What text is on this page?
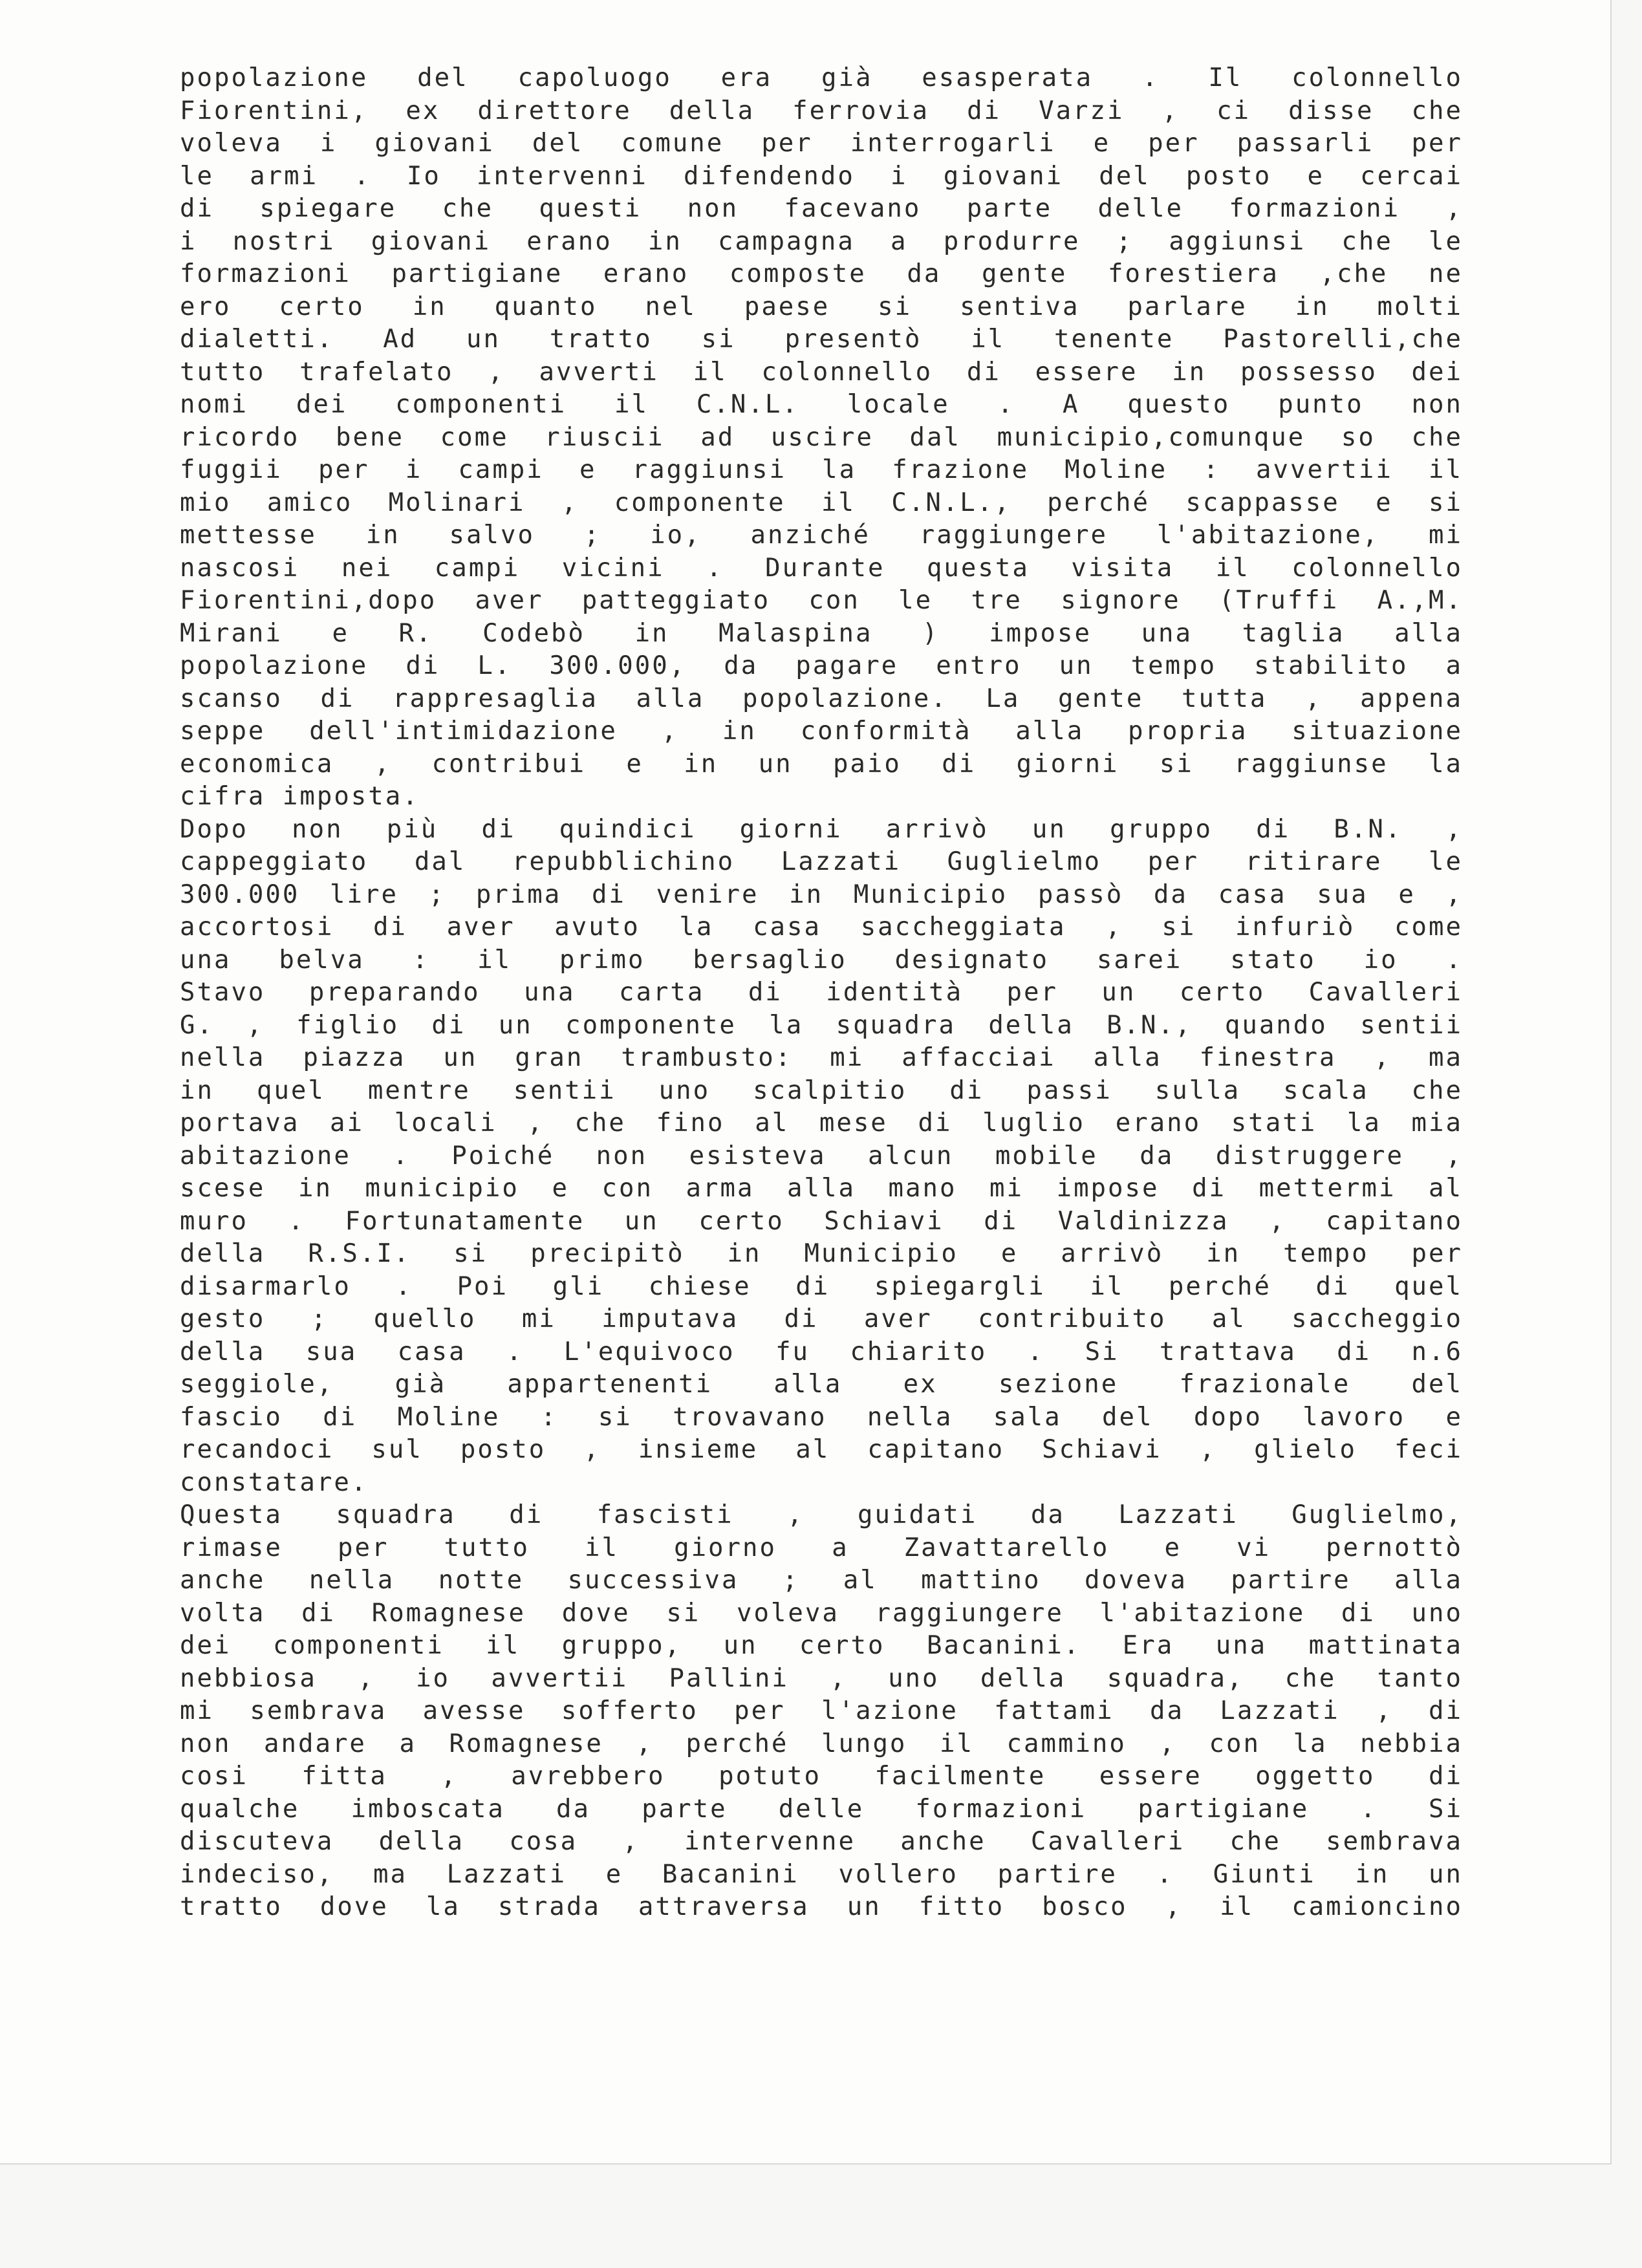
popolazione del capoluogo era già esasperata . Il colonnello
Fiorentini, ex direttore della ferrovia di Varzi , ci disse che
voleva i giovani del comune per interrogarli e per passarli per
le armi . Io intervenni difendendo i giovani del posto e cercai
di spiegare che questi non facevano parte delle formazioni ,
i nostri giovani erano in campagna a produrre ; aggiunsi che le
formazioni partigiane erano composte da gente forestiera ,che ne
ero certo in quanto nel paese si sentiva parlare in molti
dialetti. Ad un tratto si presentò il tenente Pastorelli,che
tutto trafelato , avverti il colonnello di essere in possesso dei
nomi dei componenti il C.N.L. locale . A questo punto non
ricordo bene come riuscii ad uscire dal municipio,comunque so che
fuggii per i campi e raggiunsi la frazione Moline : avvertii il
mio amico Molinari , componente il C.N.L., perché scappasse e si
mettesse in salvo ; io, anziché raggiungere l'abitazione, mi
nascosi nei campi vicini . Durante questa visita il colonnello
Fiorentini,dopo aver patteggiato con le tre signore (Truffi A.,M.
Mirani e R. Codebò in Malaspina ) impose una taglia alla
popolazione di L. 300.000, da pagare entro un tempo stabilito a
scanso di rappresaglia alla popolazione. La gente tutta , appena
seppe dell'intimidazione , in conformità alla propria situazione
economica , contribui e in un paio di giorni si raggiunse la
cifra imposta.
Dopo non più di quindici giorni arrivò un gruppo di B.N. ,
cappeggiato dal repubblichino Lazzati Guglielmo per ritirare le
300.000 lire ; prima di venire in Municipio passò da casa sua e ,
accortosi di aver avuto la casa saccheggiata , si infuriò come
una belva : il primo bersaglio designato sarei stato io .
Stavo preparando una carta di identità per un certo Cavalleri
G. , figlio di un componente la squadra della B.N., quando sentii
nella piazza un gran trambusto: mi affacciai alla finestra , ma
in quel mentre sentii uno scalpitio di passi sulla scala che
portava ai locali , che fino al mese di luglio erano stati la mia
abitazione . Poiché non esisteva alcun mobile da distruggere ,
scese in municipio e con arma alla mano mi impose di mettermi al
muro . Fortunatamente un certo Schiavi di Valdinizza , capitano
della R.S.I. si precipitò in Municipio e arrivò in tempo per
disarmarlo . Poi gli chiese di spiegargli il perché di quel
gesto ; quello mi imputava di aver contribuito al saccheggio
della sua casa . L'equivoco fu chiarito . Si trattava di n.6
seggiole, già appartenenti alla ex sezione frazionale del
fascio di Moline : si trovavano nella sala del dopo lavoro e
recandoci sul posto , insieme al capitano Schiavi , glielo feci
constatare.
Questa squadra di fascisti , guidati da Lazzati Guglielmo,
rimase per tutto il giorno a Zavattarello e vi pernottò
anche nella notte successiva ; al mattino doveva partire alla
volta di Romagnese dove si voleva raggiungere l'abitazione di uno
dei componenti il gruppo, un certo Bacanini. Era una mattinata
nebbiosa , io avvertii Pallini , uno della squadra, che tanto
mi sembrava avesse sofferto per l'azione fattami da Lazzati , di
non andare a Romagnese , perché lungo il cammino , con la nebbia
cosi fitta , avrebbero potuto facilmente essere oggetto di
qualche imboscata da parte delle formazioni partigiane . Si
discuteva della cosa , intervenne anche Cavalleri che sembrava
indeciso, ma Lazzati e Bacanini vollero partire . Giunti in un
tratto dove la strada attraversa un fitto bosco , il camioncino
